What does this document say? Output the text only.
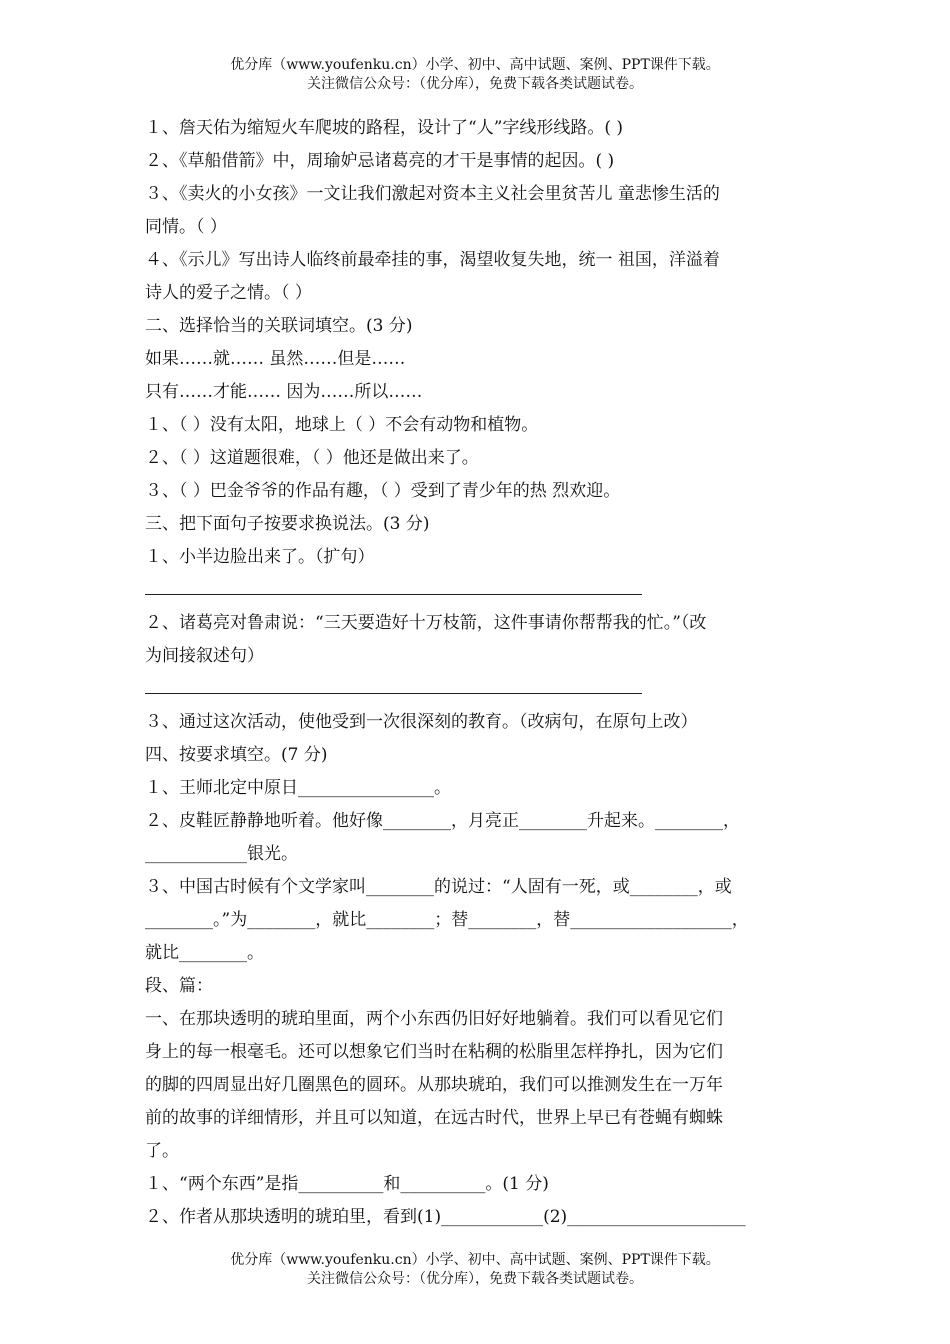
优分库（www.youfenku.cn）小学、初中、高中试题、案例、PPT课件下载。
关注微信公众号：（优分库），免费下载各类试题试卷。

１、詹天佑为缩短火车爬坡的路程，设计了“人”字线形线路。( )

２、《草船借箭》中，周瑜妒忌诸葛亮的才干是事情的起因。( )

３、《卖火的小女孩》一文让我们激起对资本主义社会里贫苦儿 童悲惨生活的

同情。（ ）

４、《示儿》写出诗人临终前最牵挂的事，渴望收复失地，统一 祖国，洋溢着

诗人的爱子之情。（ ）

二、选择恰当的关联词填空。(3 分)

如果……就…… 虽然……但是……

只有……才能…… 因为……所以……

１、（ ）没有太阳，地球上（ ）不会有动物和植物。

２、（ ）这道题很难，（ ）他还是做出来了。

３、（ ）巴金爷爷的作品有趣，（ ）受到了青少年的热 烈欢迎。

三、把下面句子按要求换说法。(3 分)

１、小半边脸出来了。（扩句）

２、诸葛亮对鲁肃说：“三天要造好十万枝箭，这件事请你帮帮我的忙。”（改

为间接叙述句）

３、通过这次活动，使他受到一次很深刻的教育。（改病句，在原句上改）

四、按要求填空。(7 分)

１、王师北定中原日________________。

２、皮鞋匠静静地听着。他好像________，月亮正________升起来。________，

____________银光。

３、中国古时候有个文学家叫________的说过：“人固有一死，或________，或

________。”为________，就比________；替________，替___________________，

就比________。

段、篇：

一、在那块透明的琥珀里面，两个小东西仍旧好好地躺着。我们可以看见它们

身上的每一根毫毛。还可以想象它们当时在粘稠的松脂里怎样挣扎，因为它们

的脚的四周显出好几圈黑色的圆环。从那块琥珀，我们可以推测发生在一万年

前的故事的详细情形，并且可以知道，在远古时代，世界上早已有苍蝇有蜘蛛

了。

１、“两个东西”是指__________和__________。(1 分)

２、作者从那块透明的琥珀里，看到(1)____________(2)_____________________

优分库（www.youfenku.cn）小学、初中、高中试题、案例、PPT课件下载。
关注微信公众号：（优分库），免费下载各类试题试卷。
